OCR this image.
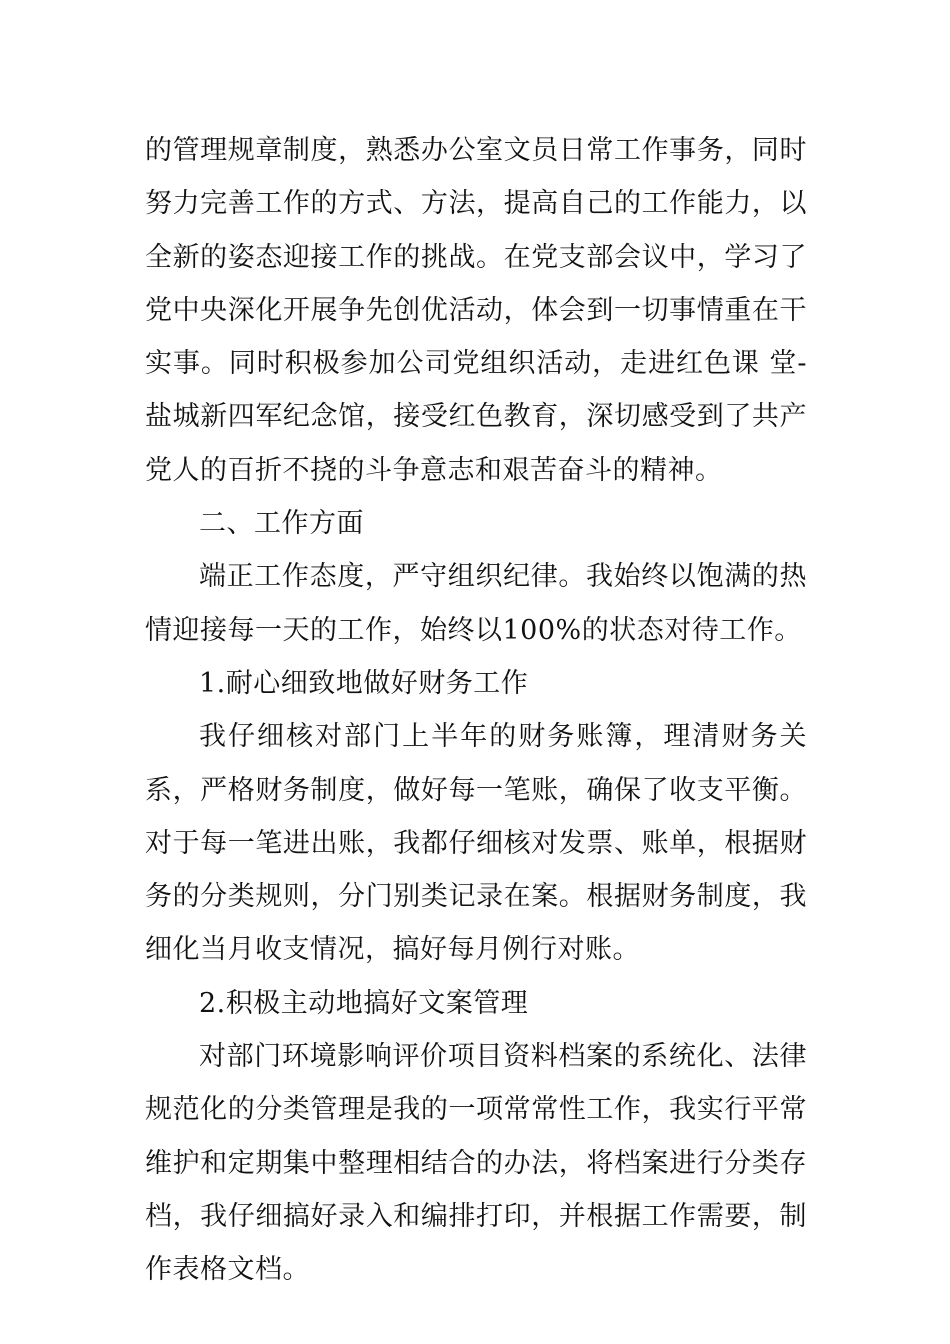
的管理规章制度，熟悉办公室文员日常工作事务，同时努力完善工作的方式、方法，提高自己的工作能力，以全新的姿态迎接工作的挑战。在党支部会议中，学习了党中央深化开展争先创优活动，体会到一切事情重在干实事。同时积极参加公司党组织活动，走进红色课 堂-盐城新四军纪念馆，接受红色教育，深切感受到了共产党人的百折不挠的斗争意志和艰苦奋斗的精神。

二、工作方面

端正工作态度，严守组织纪律。我始终以饱满的热情迎接每一天的工作，始终以100%的状态对待工作。

1.耐心细致地做好财务工作

我仔细核对部门上半年的财务账簿，理清财务关系，严格财务制度，做好每一笔账，确保了收支平衡。对于每一笔进出账，我都仔细核对发票、账单，根据财务的分类规则，分门别类记录在案。根据财务制度，我细化当月收支情况，搞好每月例行对账。

2.积极主动地搞好文案管理

对部门环境影响评价项目资料档案的系统化、法律规范化的分类管理是我的一项常常性工作，我实行平常维护和定期集中整理相结合的办法，将档案进行分类存档，我仔细搞好录入和编排打印，并根据工作需要，制作表格文档。
